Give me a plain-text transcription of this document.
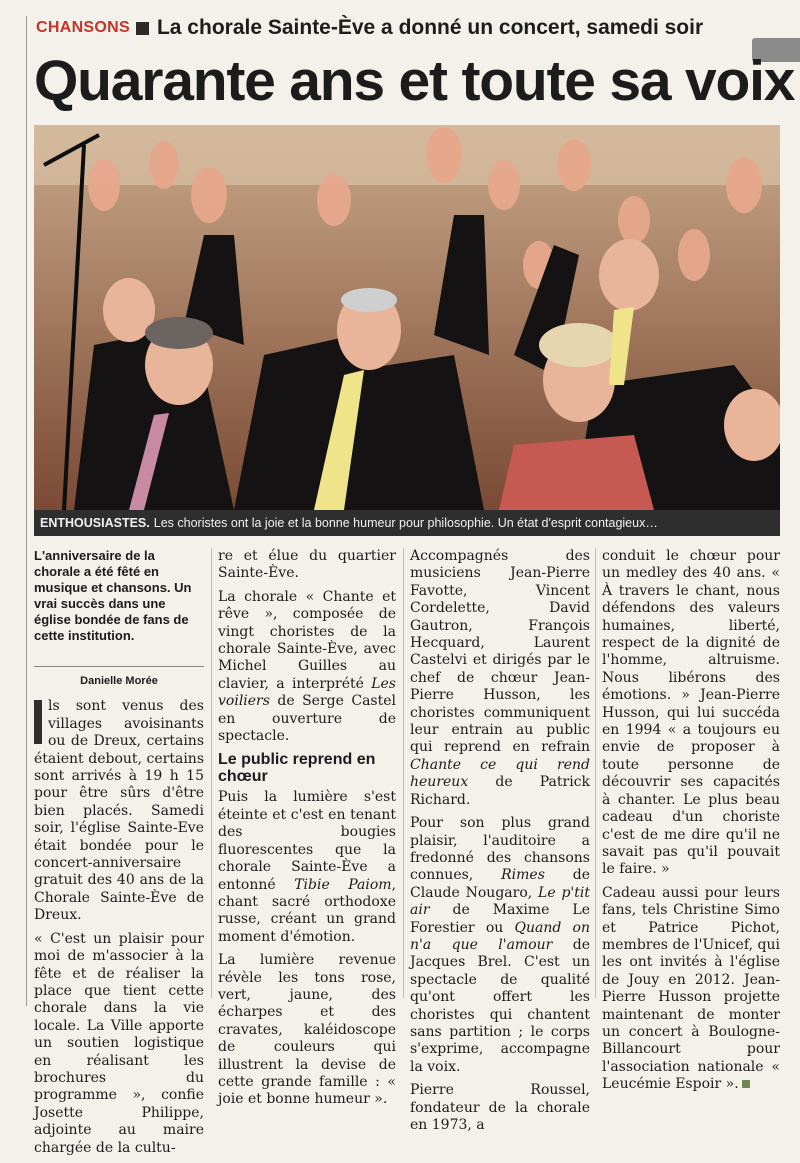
CHANSONS La chorale Sainte-Ève a donné un concert, samedi soir
Quarante ans et toute sa voix
ENTHOUSIASTES. Les choristes ont la joie et la bonne humeur pour philosophie. Un état d'esprit contagieux…
L'anniversaire de la chorale a été fêté en musique et chansons. Un vrai succès dans une église bondée de fans de cette institution.
Danielle Morée

ls sont venus des villages avoisinants ou de Dreux, certains étaient debout, certains sont arrivés à 19 h 15 pour être sûrs d'être bien placés. Samedi soir, l'église Sainte-Eve était bondée pour le concert-anniversaire gratuit des 40 ans de la Chorale Sainte-Ève de Dreux.

« C'est un plaisir pour moi de m'associer à la fête et de réaliser la place que tient cette chorale dans la vie locale. La Ville apporte un soutien logistique en réalisant les brochures du programme », confie Josette Philippe, adjointe au maire chargée de la cultu-

re et élue du quartier Sainte-Ève.

La chorale « Chante et rêve », composée de vingt choristes de la chorale Sainte-Ève, avec Michel Guilles au clavier, a interprété Les voiliers de Serge Castel en ouverture de spectacle.

Le public reprend en chœur

Puis la lumière s'est éteinte et c'est en tenant des bougies fluorescentes que la chorale Sainte-Ève a entonné Tibie Paiom, chant sacré orthodoxe russe, créant un grand moment d'émotion.

La lumière revenue révèle les tons rose, vert, jaune, des écharpes et des cravates, kaléidoscope de couleurs qui illustrent la devise de cette grande famille : « joie et bonne humeur ».

Accompagnés des musiciens Jean-Pierre Favotte, Vincent Cordelette, David Gautron, François Hecquard, Laurent Castelvi et dirigés par le chef de chœur Jean-Pierre Husson, les choristes communiquent leur entrain au public qui reprend en refrain Chante ce qui rend heureux de Patrick Richard.

Pour son plus grand plaisir, l'auditoire a fredonné des chansons connues, Rimes de Claude Nougaro, Le p'tit air de Maxime Le Forestier ou Quand on n'a que l'amour de Jacques Brel. C'est un spectacle de qualité qu'ont offert les choristes qui chantent sans partition ; le corps s'exprime, accompagne la voix.

Pierre Roussel, fondateur de la chorale en 1973, a

conduit le chœur pour un medley des 40 ans. « À travers le chant, nous défendons des valeurs humaines, liberté, respect de la dignité de l'homme, altruisme. Nous libérons des émotions. » Jean-Pierre Husson, qui lui succéda en 1994 « a toujours eu envie de proposer à toute personne de découvrir ses capacités à chanter. Le plus beau cadeau d'un choriste c'est de me dire qu'il ne savait pas qu'il pouvait le faire. »

Cadeau aussi pour leurs fans, tels Christine Simo et Patrice Pichot, membres de l'Unicef, qui les ont invités à l'église de Jouy en 2012. Jean-Pierre Husson projette maintenant de monter un concert à Boulogne-Billancourt pour l'association nationale « Leucémie Espoir ».
